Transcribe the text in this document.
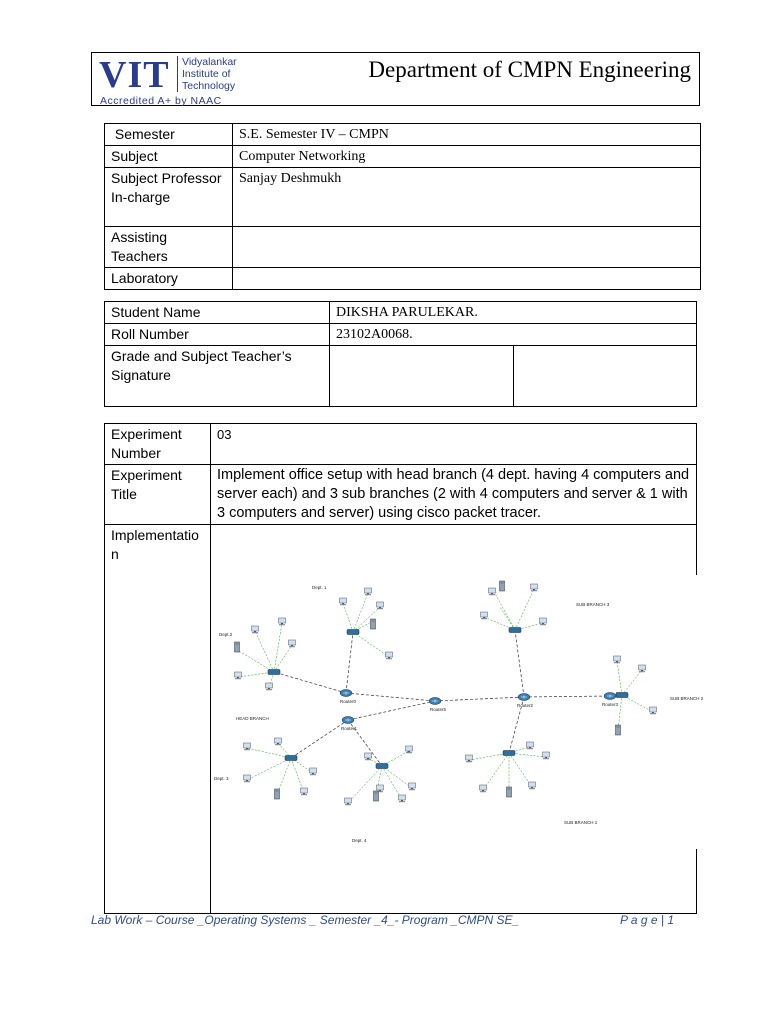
VIT Vidyalankar
Institute of
Technology
Accredited A+ by NAAC
Department of CMPN Engineering
Semester	S.E. Semester IV – CMPN
Subject	Computer Networking
Subject Professor In-charge	Sanjay Deshmukh
Assisting Teachers	
Laboratory	
Student Name	DIKSHA PARULEKAR.	
Roll Number	23102A0068.	
Grade and Subject Teacher’s Signature		
Experiment Number	03
Experiment Title	Implement office setup with head branch (4 dept. having 4 computers and server each) and 3 sub branches (2 with 4 computers and server & 1 with 3 computers and server) using cisco packet tracer.
Implementatio n	
Router0
Router5
Router2	Router3
Router1
Dept. 1
Dept.2
Dept. 3
Dept. 4
HEAD BRANCH
SUB BRANCH 1
SUB BRANCH 2
SUB BRANCH 3
Lab Work – Course _Operating Systems _ Semester _4_- Program _CMPN SE_	P a g e | 1
